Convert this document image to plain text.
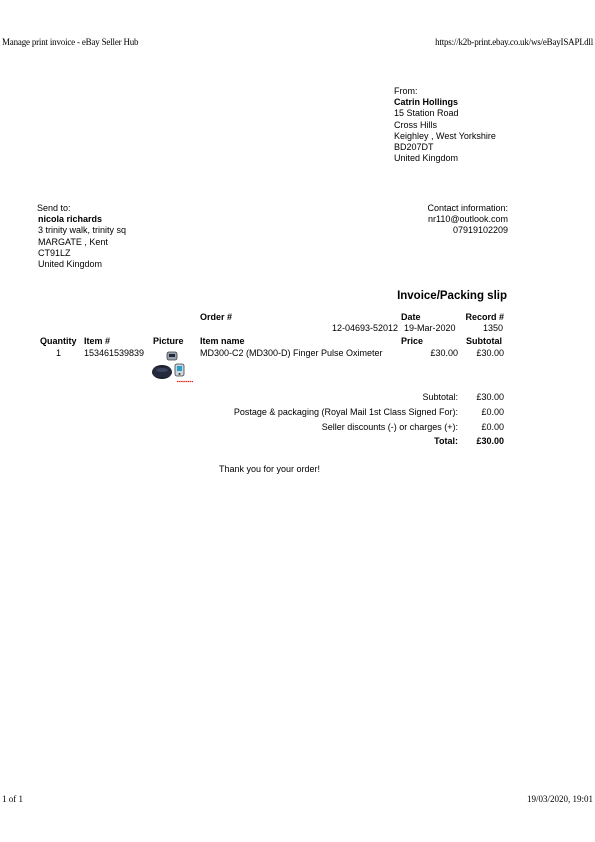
Manage print invoice - eBay Seller Hub	https://k2b-print.ebay.co.uk/ws/eBayISAPI.dll
From:
Catrin Hollings
15 Station Road
Cross Hills
Keighley , West Yorkshire
BD207DT
United Kingdom
Send to:
nicola richards
3 trinity walk, trinity sq
MARGATE , Kent
CT91LZ
United Kingdom
Contact information:
nr110@outlook.com
07919102209
Invoice/Packing slip
Order #	Date	Record #
12-04693-52012 19-Mar-2020	1350
Quantity Item #	Picture Item name	Price	Subtotal
1	153461539839	MD300-C2 (MD300-D) Finger Pulse Oximeter	£30.00 £30.00
Subtotal: £30.00
Postage & packaging (Royal Mail 1st Class Signed For):	£0.00
Seller discounts (-) or charges (+):	£0.00
Total: £30.00
Thank you for your order!
1 of 1	19/03/2020, 19:01
